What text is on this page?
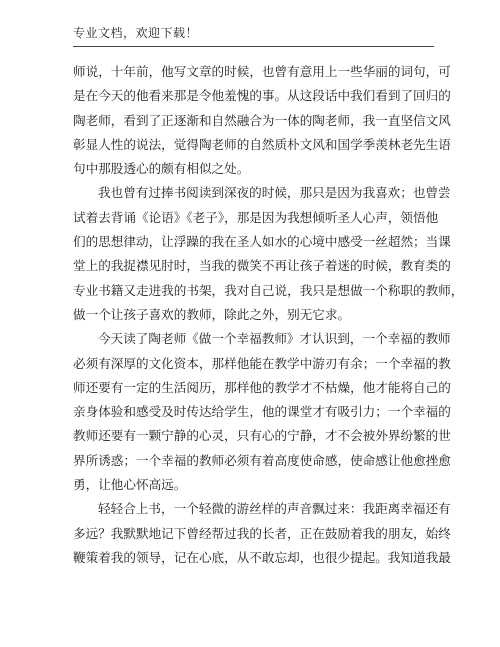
专业文档，欢迎下载！
师说，十年前，他写文章的时候，也曾有意用上一些华丽的词句，可
是在今天的他看来那是令他羞愧的事。从这段话中我们看到了回归的
陶老师，看到了正逐渐和自然融合为一体的陶老师，我一直坚信文风
彰显人性的说法，觉得陶老师的自然质朴文风和国学季羡林老先生语
句中那股透心的颇有相似之处。
我也曾有过捧书阅读到深夜的时候，那只是因为我喜欢；也曾尝
试着去背诵《论语》《老子》，那是因为我想倾听圣人心声，领悟他
们的思想律动，让浮躁的我在圣人如水的心境中感受一丝超然；当课
堂上的我捉襟见肘时，当我的微笑不再让孩子着迷的时候，教育类的
专业书籍又走进我的书架，我对自己说，我只是想做一个称职的教师，
做一个让孩子喜欢的教师，除此之外，别无它求。
今天读了陶老师《做一个幸福教师》才认识到，一个幸福的教师
必须有深厚的文化资本，那样他能在教学中游刃有余；一个幸福的教
师还要有一定的生活阅历，那样他的教学才不枯燥，他才能将自己的
亲身体验和感受及时传达给学生，他的课堂才有吸引力；一个幸福的
教师还要有一颗宁静的心灵，只有心的宁静，才不会被外界纷繁的世
界所诱惑；一个幸福的教师必须有着高度使命感，使命感让他愈挫愈
勇，让他心怀高远。
轻轻合上书，一个轻微的游丝样的声音飘过来：我距离幸福还有
多远？我默默地记下曾经帮过我的长者，正在鼓励着我的朋友，始终
鞭策着我的领导，记在心底，从不敢忘却，也很少提起。我知道我最
